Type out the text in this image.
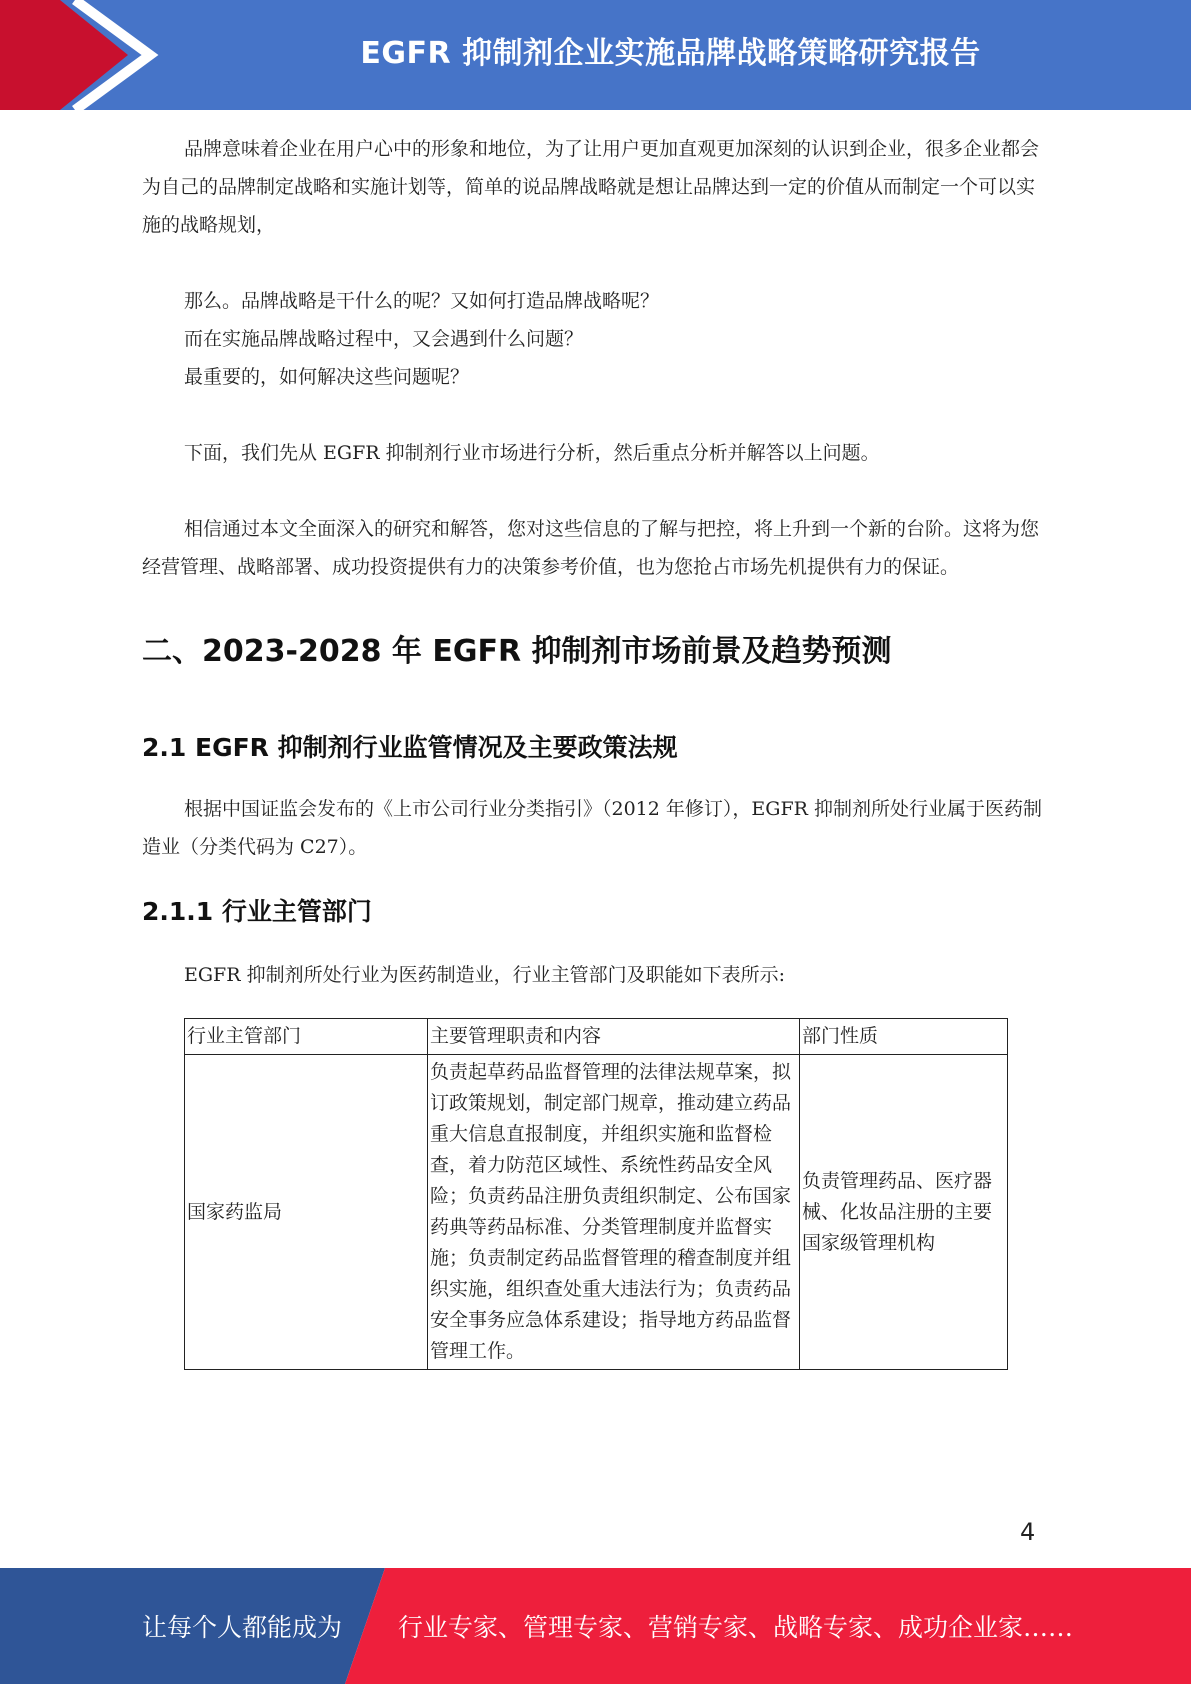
EGFR 抑制剂企业实施品牌战略策略研究报告

品牌意味着企业在用户心中的形象和地位，为了让用户更加直观更加深刻的认识到企业，很多企业都会为自己的品牌制定战略和实施计划等，简单的说品牌战略就是想让品牌达到一定的价值从而制定一个可以实施的战略规划，

那么。品牌战略是干什么的呢？又如何打造品牌战略呢？

而在实施品牌战略过程中，又会遇到什么问题？

最重要的，如何解决这些问题呢？

下面，我们先从 EGFR 抑制剂行业市场进行分析，然后重点分析并解答以上问题。

相信通过本文全面深入的研究和解答，您对这些信息的了解与把控，将上升到一个新的台阶。这将为您经营管理、战略部署、成功投资提供有力的决策参考价值，也为您抢占市场先机提供有力的保证。

二、2023-2028 年 EGFR 抑制剂市场前景及趋势预测
2.1 EGFR 抑制剂行业监管情况及主要政策法规

根据中国证监会发布的《上市公司行业分类指引》（2012 年修订），EGFR 抑制剂所处行业属于医药制造业（分类代码为 C27）。

2.1.1 行业主管部门

EGFR 抑制剂所处行业为医药制造业，行业主管部门及职能如下表所示:

行业主管部门	主要管理职责和内容	部门性质
国家药监局	负责起草药品监督管理的法律法规草案，拟订政策规划，制定部门规章，推动建立药品重大信息直报制度，并组织实施和监督检查，着力防范区域性、系统性药品安全风险；负责药品注册负责组织制定、公布国家药典等药品标准、分类管理制度并监督实施；负责制定药品监督管理的稽查制度并组织实施，组织查处重大违法行为；负责药品安全事务应急体系建设；指导地方药品监督管理工作。	负责管理药品、医疗器械、化妆品注册的主要国家级管理机构
4
让每个人都能成为 行业专家、管理专家、营销专家、战略专家、成功企业家……
